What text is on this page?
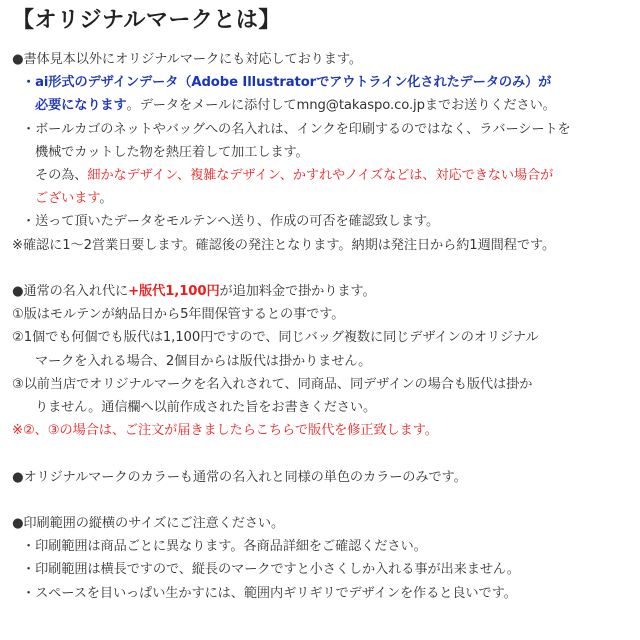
【オリジナルマークとは】
●書体見本以外にオリジナルマークにも対応しております。
・ai形式のデザインデータ（Adobe Illustratorでアウトライン化されたデータのみ）が
必要になります。データをメールに添付してmng@takaspo.co.jpまでお送りください。
・ボールカゴのネットやバッグへの名入れは、インクを印刷するのではなく、ラバーシートを
機械でカットした物を熱圧着して加工します。
その為、細かなデザイン、複雑なデザイン、かすれやノイズなどは、対応できない場合が
ございます。
・送って頂いたデータをモルテンへ送り、作成の可否を確認致します。
※確認に1～2営業日要します。確認後の発注となります。納期は発注日から約1週間程です。
●通常の名入れ代に+版代1,100円が追加料金で掛かります。
①版はモルテンが納品日から5年間保管するとの事です。
②1個でも何個でも版代は1,100円ですので、同じバッグ複数に同じデザインのオリジナル
マークを入れる場合、2個目からは版代は掛かりません。
③以前当店でオリジナルマークを名入れされて、同商品、同デザインの場合も版代は掛か
りません。通信欄へ以前作成された旨をお書きください。
※②、③の場合は、ご注文が届きましたらこちらで版代を修正致します。
●オリジナルマークのカラーも通常の名入れと同様の単色のカラーのみです。
●印刷範囲の縦横のサイズにご注意ください。
・印刷範囲は商品ごとに異なります。各商品詳細をご確認ください。
・印刷範囲は横長ですので、縦長のマークですと小さくしか入れる事が出来ません。
・スペースを目いっぱい生かすには、範囲内ギリギリでデザインを作ると良いです。
